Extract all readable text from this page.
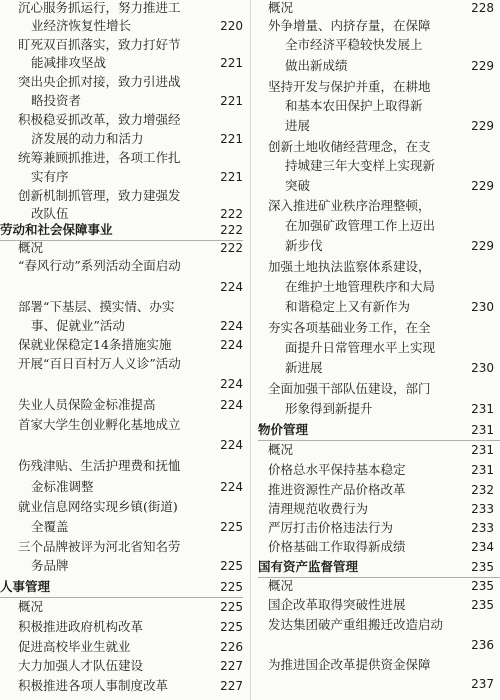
沉心服务抓运行，努力推进工
业经济恢复性增长	220
盯死双百抓落实，致力打好节
能减排攻坚战	221
突出央企抓对接，致力引进战
略投资者	221
积极稳妥抓改革，致力增强经
济发展的动力和活力	221
统筹兼顾抓推进，各项工作扎
实有序	221
创新机制抓管理，致力建强发
改队伍	222
劳动和社会保障事业	222
概况	222
“春风行动”系列活动全面启动
224
部署“下基层、摸实情、办实
事、促就业”活动	224
保就业保稳定14条措施实施	224
开展“百日百村万人义诊”活动
224
失业人员保险金标准提高	224
首家大学生创业孵化基地成立
224
伤残津贴、生活护理费和抚恤
金标准调整	224
就业信息网络实现乡镇(街道)
全覆盖	225
三个品牌被评为河北省知名劳
务品牌	225
人事管理	225
概况	225
积极推进政府机构改革	225
促进高校毕业生就业	226
大力加强人才队伍建设	227
积极推进各项人事制度改革	227
概况	228
外争增量、内挤存量，在保障
全市经济平稳较快发展上
做出新成绩	229
坚持开发与保护并重，在耕地
和基本农田保护上取得新
进展	229
创新土地收储经营理念，在支
持城建三年大变样上实现新
突破	229
深入推进矿业秩序治理整顿，
在加强矿政管理工作上迈出
新步伐	229
加强土地执法监察体系建设，
在维护土地管理秩序和大局
和谐稳定上又有新作为	230
夯实各项基础业务工作，在全
面提升日常管理水平上实现
新进展	230
全面加强干部队伍建设，部门
形象得到新提升	231
物价管理	231
概况	231
价格总水平保持基本稳定	231
推进资源性产品价格改革	232
清理规范收费行为	233
严厉打击价格违法行为	233
价格基础工作取得新成绩	234
国有资产监督管理	235
概况	235
国企改革取得突破性进展	235
发达集团破产重组搬迁改造启动
236
为推进国企改革提供资金保障
237
